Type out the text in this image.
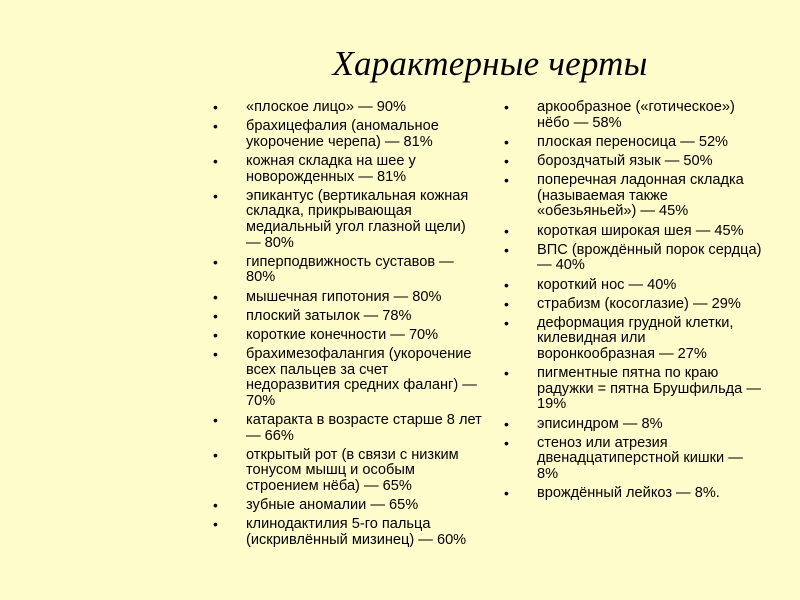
Характерные черты
• «плоское лицо» — 90%
• брахицефалия (аномальное укорочение черепа) — 81%
• кожная складка на шее у новорожденных — 81%
• эпикантус (вертикальная кожная складка, прикрывающая медиальный угол глазной щели) — 80%
• гиперподвижность суставов — 80%
• мышечная гипотония — 80%
• плоский затылок — 78%
• короткие конечности — 70%
• брахимезофалангия (укорочение всех пальцев за счет недоразвития средних фаланг) — 70%
• катаракта в возрасте старше 8 лет — 66%
• открытый рот (в связи с низким тонусом мышц и особым строением нёба) — 65%
• зубные аномалии — 65%
• клинодактилия 5-го пальца (искривлённый мизинец) — 60%
• аркообразное («готическое») нёбо — 58%
• плоская переносица — 52%
• бороздчатый язык — 50%
• поперечная ладонная складка (называемая также «обезьяньей») — 45%
• короткая широкая шея — 45%
• ВПС (врождённый порок сердца) — 40%
• короткий нос — 40%
• страбизм (косоглазие) — 29%
• деформация грудной клетки, килевидная или воронкообразная — 27%
• пигментные пятна по краю радужки = пятна Брушфильда — 19%
• эписиндром — 8%
• стеноз или атрезия двенадцатиперстной кишки — 8%
• врождённый лейкоз — 8%.
